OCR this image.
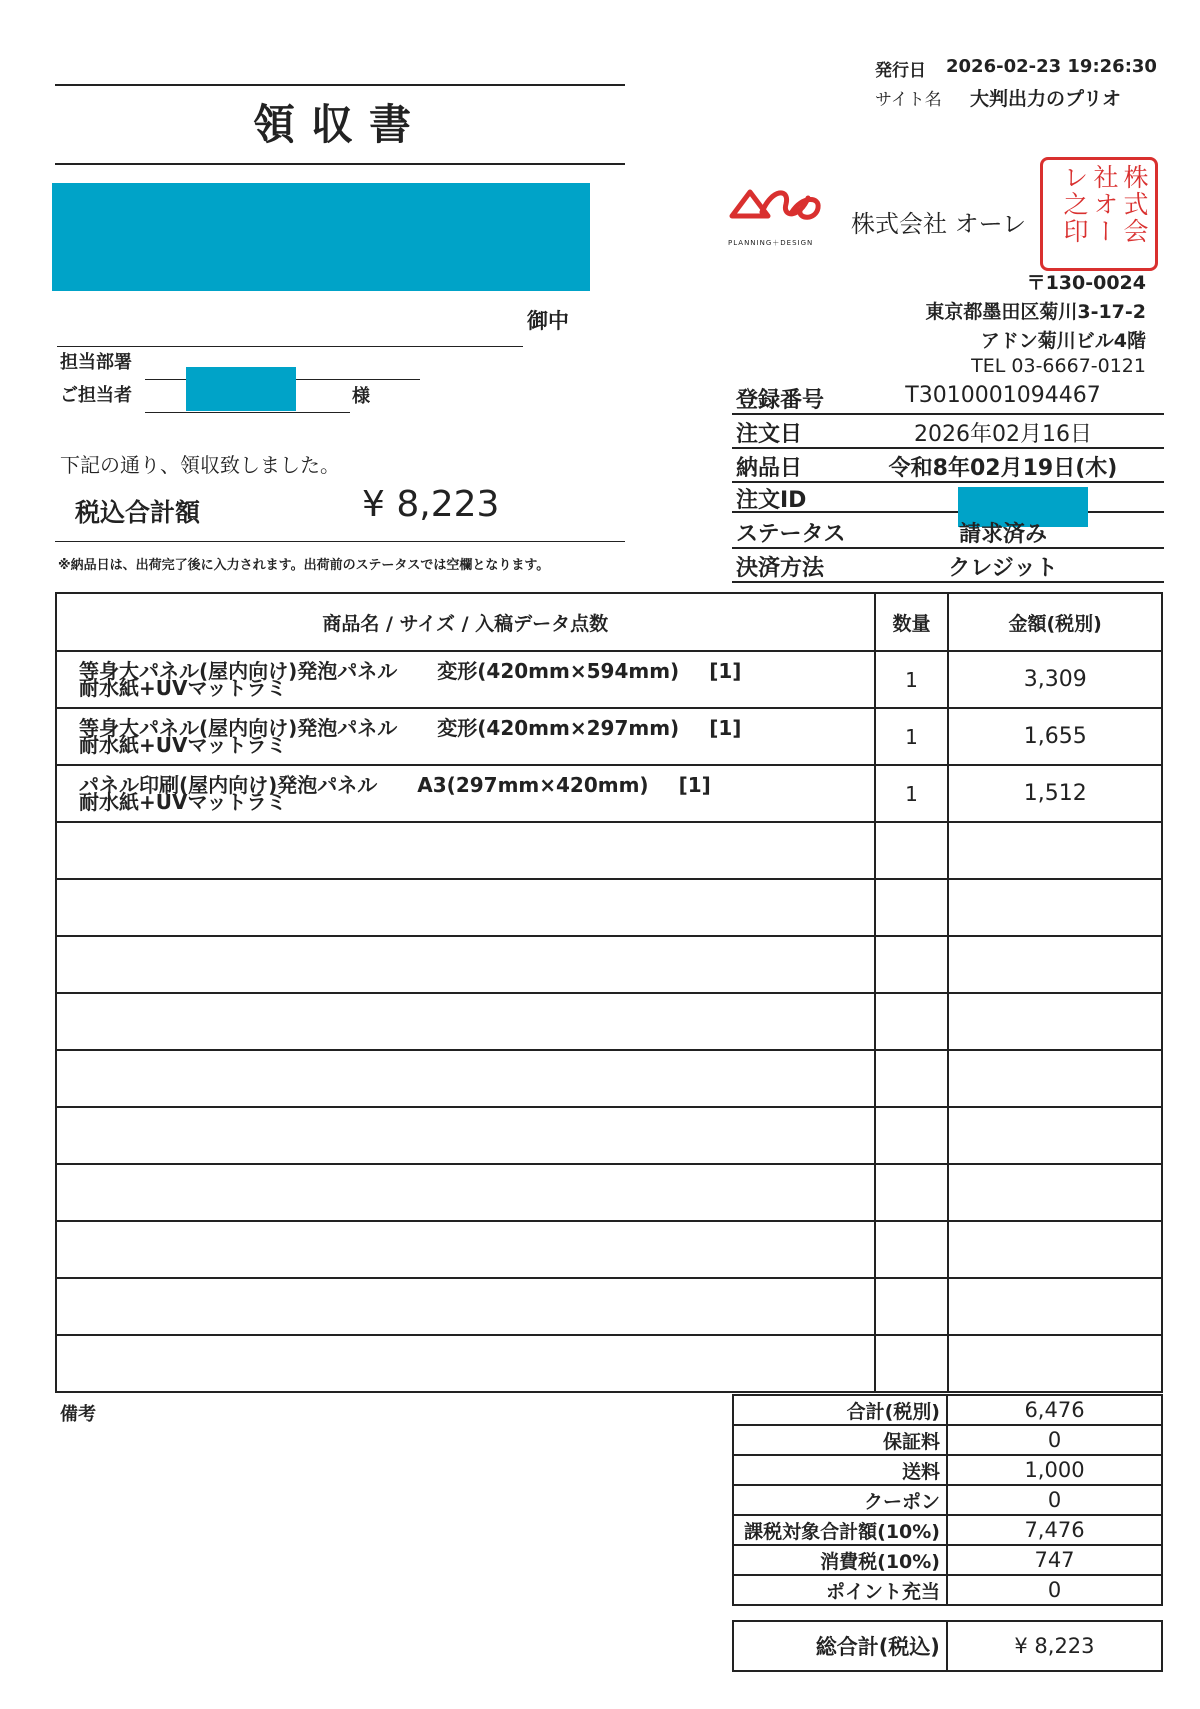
発行日 2026-02-23 19:26:30
サイト名 大判出力のプリオ
領収書
御中
担当部署
ご担当者	様
下記の通り、領収致しました。
税込合計額	¥ 8,223
※納品日は、出荷完了後に入力されます。出荷前のステータスでは空欄となります。
PLANNING＋DESIGN
株式会社 オーレ	株式会社オーレ之印
〒130-0024
東京都墨田区菊川3-17-2
アドン菊川ビル4階
TEL 03-6667-0121
登録番号	T3010001094467
注文日	2026年02月16日
納品日	令和8年02月19日(木)
注文ID
ステータス	請求済み
決済方法	クレジット
商品名 / サイズ / 入稿データ点数	数量	金額(税別)
等身大パネル(屋内向け)発泡パネル 変形(420mm×594mm) [1]
耐水紙+UVマットラミ	1	3,309
等身大パネル(屋内向け)発泡パネル 変形(420mm×297mm) [1]
耐水紙+UVマットラミ	1	1,655
パネル印刷(屋内向け)発泡パネル A3(297mm×420mm) [1]
耐水紙+UVマットラミ	1	1,512

備考	合計(税別)	6,476
保証料	0
送料	1,000
クーポン	0
課税対象合計額(10%)	7,476
消費税(10%)	747
ポイント充当	0
総合計(税込)	¥ 8,223
